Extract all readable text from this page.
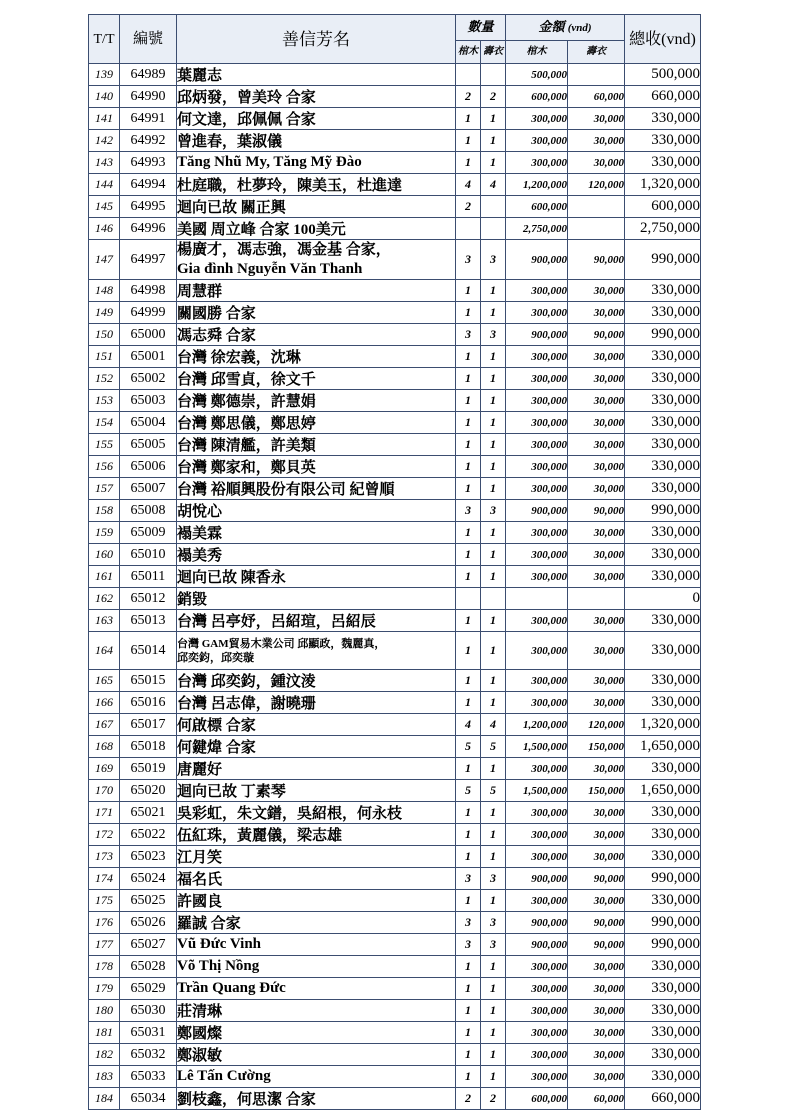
T/T	編號	善信芳名	數量		金額 (vnd)		總收(vnd)
			棺木	壽衣	棺木	壽衣	
139	64989	葉麗志			500,000		500,000
140	64990	邱炳發，曾美玲 合家	2	2	600,000	60,000	660,000
141	64991	何文達，邱佩佩 合家	1	1	300,000	30,000	330,000
142	64992	曾進春，葉淑儀	1	1	300,000	30,000	330,000
143	64993	Tăng Nhũ My, Tăng Mỹ Đào	1	1	300,000	30,000	330,000
144	64994	杜庭職，杜夢玲，陳美玉，杜進達	4	4	1,200,000	120,000	1,320,000
145	64995	迴向已故 關正興	2		600,000		600,000
146	64996	美國 周立峰 合家 100美元			2,750,000		2,750,000
147	64997	楊廣才，馮志強，馮金基 合家，
Gia đình Nguyễn Văn Thanh	3	3	900,000	90,000	990,000
148	64998	周慧群	1	1	300,000	30,000	330,000
149	64999	關國勝 合家	1	1	300,000	30,000	330,000
150	65000	馮志舜 合家	3	3	900,000	90,000	990,000
151	65001	台灣 徐宏義，沈琳	1	1	300,000	30,000	330,000
152	65002	台灣 邱雪貞，徐文千	1	1	300,000	30,000	330,000
153	65003	台灣 鄭德崇，許慧娟	1	1	300,000	30,000	330,000
154	65004	台灣 鄭思儀，鄭思婷	1	1	300,000	30,000	330,000
155	65005	台灣 陳清艦，許美類	1	1	300,000	30,000	330,000
156	65006	台灣 鄭家和，鄭貝英	1	1	300,000	30,000	330,000
157	65007	台灣 裕順興股份有限公司 紀曾順	1	1	300,000	30,000	330,000
158	65008	胡悅心	3	3	900,000	90,000	990,000
159	65009	褟美霖	1	1	300,000	30,000	330,000
160	65010	褟美秀	1	1	300,000	30,000	330,000
161	65011	迴向已故 陳香永	1	1	300,000	30,000	330,000
162	65012	銷毀					0
163	65013	台灣 呂亭妤，呂紹瑄，呂紹辰	1	1	300,000	30,000	330,000
164	65014	台灣 GAM貿易木業公司 邱顯政，魏麗真，
邱奕鈞，邱奕璇	1	1	300,000	30,000	330,000
165	65015	台灣 邱奕鈞，鍾汶淩	1	1	300,000	30,000	330,000
166	65016	台灣 呂志偉，謝曉珊	1	1	300,000	30,000	330,000
167	65017	何啟標 合家	4	4	1,200,000	120,000	1,320,000
168	65018	何鍵煒 合家	5	5	1,500,000	150,000	1,650,000
169	65019	唐麗好	1	1	300,000	30,000	330,000
170	65020	迴向已故 丁素琴	5	5	1,500,000	150,000	1,650,000
171	65021	吳彩虹，朱文鐠，吳紹根，何永枝	1	1	300,000	30,000	330,000
172	65022	伍紅珠，黃麗儀，梁志雄	1	1	300,000	30,000	330,000
173	65023	江月笑	1	1	300,000	30,000	330,000
174	65024	福名氏	3	3	900,000	90,000	990,000
175	65025	許國良	1	1	300,000	30,000	330,000
176	65026	羅誠 合家	3	3	900,000	90,000	990,000
177	65027	Vũ Đức Vinh	3	3	900,000	90,000	990,000
178	65028	Võ Thị Nồng	1	1	300,000	30,000	330,000
179	65029	Trần Quang Đức	1	1	300,000	30,000	330,000
180	65030	莊清琳	1	1	300,000	30,000	330,000
181	65031	鄭國燦	1	1	300,000	30,000	330,000
182	65032	鄭淑敏	1	1	300,000	30,000	330,000
183	65033	Lê Tấn Cường	1	1	300,000	30,000	330,000
184	65034	劉枝鑫，何思潔 合家	2	2	600,000	60,000	660,000
